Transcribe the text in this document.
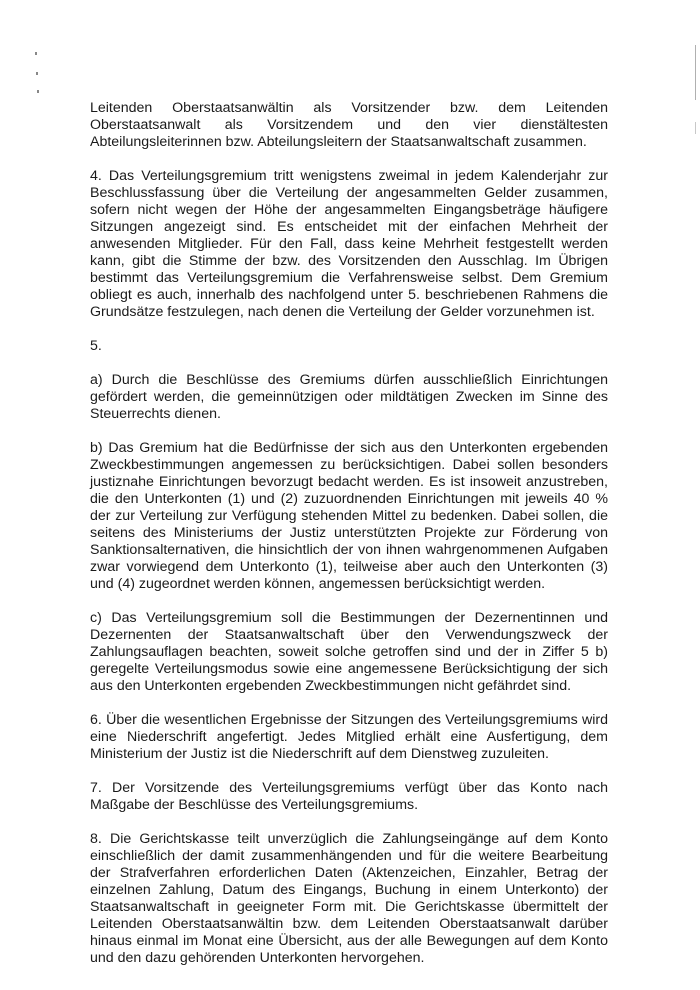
Leitenden Oberstaatsanwältin als Vorsitzender bzw. dem Leitenden Oberstaatsanwalt als Vorsitzendem und den vier dienstältesten Abteilungsleiterinnen bzw. Abteilungsleitern der Staatsanwaltschaft zusammen.

4. Das Verteilungsgremium tritt wenigstens zweimal in jedem Kalenderjahr zur Beschlussfassung über die Verteilung der angesammelten Gelder zusammen, sofern nicht wegen der Höhe der angesammelten Eingangsbeträge häufigere Sitzungen angezeigt sind. Es entscheidet mit der einfachen Mehrheit der anwesenden Mitglieder. Für den Fall, dass keine Mehrheit festgestellt werden kann, gibt die Stimme der bzw. des Vorsitzenden den Ausschlag. Im Übrigen bestimmt das Verteilungsgremium die Verfahrensweise selbst. Dem Gremium obliegt es auch, innerhalb des nachfolgend unter 5. beschriebenen Rahmens die Grundsätze festzulegen, nach denen die Verteilung der Gelder vorzunehmen ist.

5.

a) Durch die Beschlüsse des Gremiums dürfen ausschließlich Einrichtungen gefördert werden, die gemeinnützigen oder mildtätigen Zwecken im Sinne des Steuerrechts dienen.

b) Das Gremium hat die Bedürfnisse der sich aus den Unterkonten ergebenden Zweckbestimmungen angemessen zu berücksichtigen. Dabei sollen besonders justiznahe Einrichtungen bevorzugt bedacht werden. Es ist insoweit anzustreben, die den Unterkonten (1) und (2) zuzuordnenden Einrichtungen mit jeweils 40 % der zur Verteilung zur Verfügung stehenden Mittel zu bedenken. Dabei sollen, die seitens des Ministeriums der Justiz unterstützten Projekte zur Förderung von Sanktionsalternativen, die hinsichtlich der von ihnen wahrgenommenen Aufgaben zwar vorwiegend dem Unterkonto (1), teilweise aber auch den Unterkonten (3) und (4) zugeordnet werden können, angemessen berücksichtigt werden.

c) Das Verteilungsgremium soll die Bestimmungen der Dezernentinnen und Dezernenten der Staatsanwaltschaft über den Verwendungszweck der Zahlungsauflagen beachten, soweit solche getroffen sind und der in Ziffer 5 b) geregelte Verteilungsmodus sowie eine angemessene Berücksichtigung der sich aus den Unterkonten ergebenden Zweckbestimmungen nicht gefährdet sind.

6. Über die wesentlichen Ergebnisse der Sitzungen des Verteilungsgremiums wird eine Niederschrift angefertigt. Jedes Mitglied erhält eine Ausfertigung, dem Ministerium der Justiz ist die Niederschrift auf dem Dienstweg zuzuleiten.

7. Der Vorsitzende des Verteilungsgremiums verfügt über das Konto nach Maßgabe der Beschlüsse des Verteilungsgremiums.

8. Die Gerichtskasse teilt unverzüglich die Zahlungseingänge auf dem Konto einschließlich der damit zusammenhängenden und für die weitere Bearbeitung der Strafverfahren erforderlichen Daten (Aktenzeichen, Einzahler, Betrag der einzelnen Zahlung, Datum des Eingangs, Buchung in einem Unterkonto) der Staatsanwaltschaft in geeigneter Form mit. Die Gerichtskasse übermittelt der Leitenden Oberstaatsanwältin bzw. dem Leitenden Oberstaatsanwalt darüber hinaus einmal im Monat eine Übersicht, aus der alle Bewegungen auf dem Konto und den dazu gehörenden Unterkonten hervorgehen.
